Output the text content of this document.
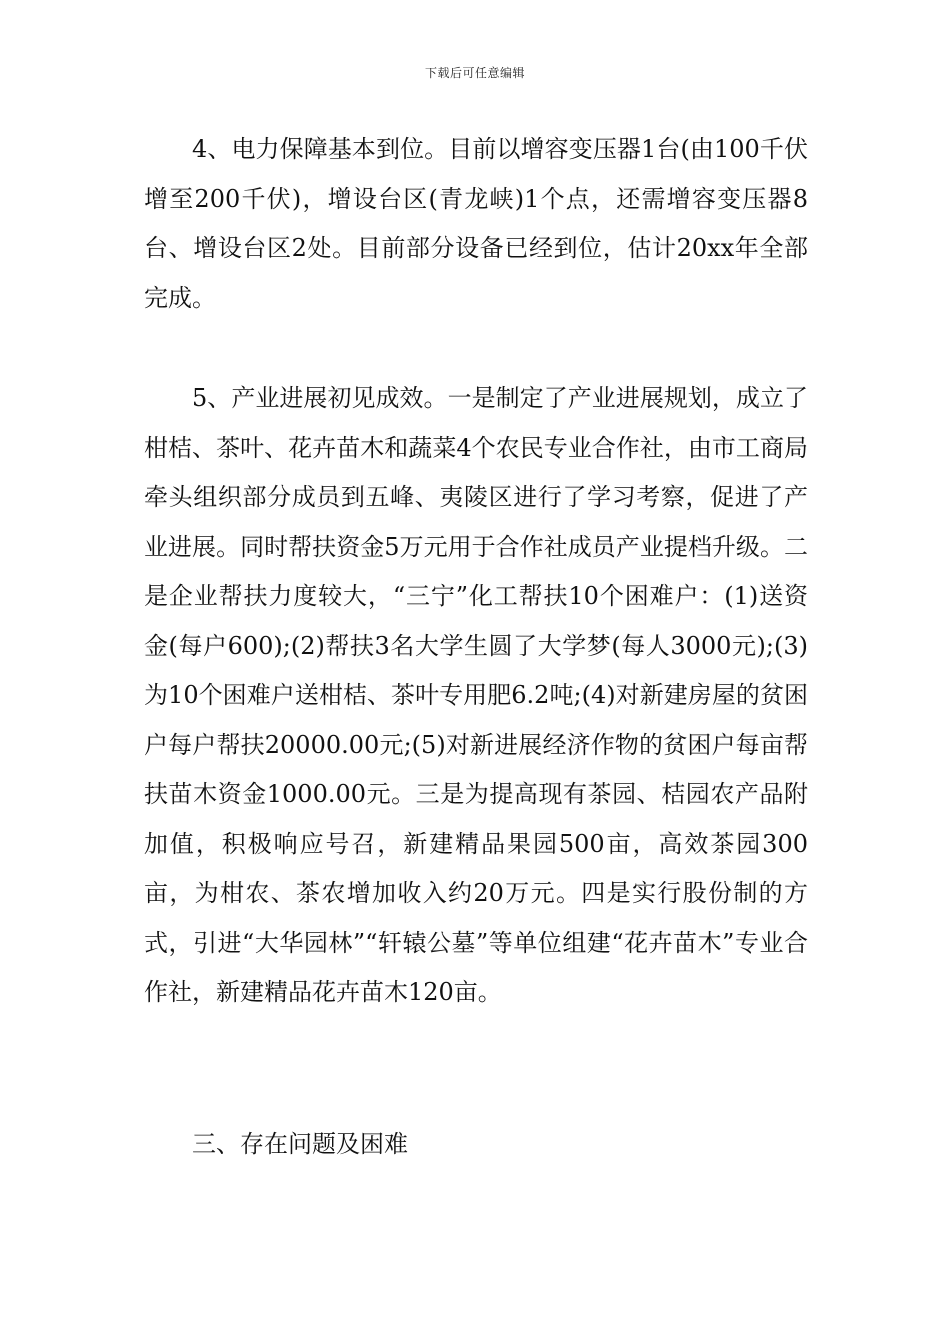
下载后可任意编辑

4、电力保障基本到位。目前以增容变压器1台(由100千伏增至200千伏)，增设台区(青龙峡)1个点，还需增容变压器8台、增设台区2处。目前部分设备已经到位，估计20xx年全部完成。

5、产业进展初见成效。一是制定了产业进展规划，成立了柑桔、茶叶、花卉苗木和蔬菜4个农民专业合作社，由市工商局牵头组织部分成员到五峰、夷陵区进行了学习考察，促进了产业进展。同时帮扶资金5万元用于合作社成员产业提档升级。二是企业帮扶力度较大，“三宁”化工帮扶10个困难户：(1)送资金(每户600);(2)帮扶3名大学生圆了大学梦(每人3000元);(3)为10个困难户送柑桔、茶叶专用肥6.2吨;(4)对新建房屋的贫困户每户帮扶20000.00元;(5)对新进展经济作物的贫困户每亩帮扶苗木资金1000.00元。三是为提高现有茶园、桔园农产品附加值，积极响应号召，新建精品果园500亩，高效茶园300亩，为柑农、茶农增加收入约20万元。四是实行股份制的方式，引进“大华园林”“轩辕公墓”等单位组建“花卉苗木”专业合作社，新建精品花卉苗木120亩。

三、存在问题及困难
